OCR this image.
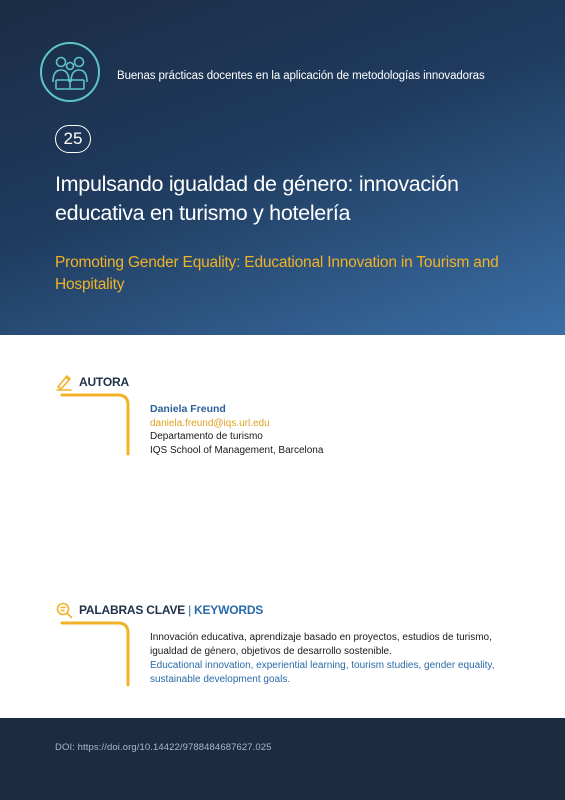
Buenas prácticas docentes en la aplicación de metodologías innovadoras
25
Impulsando igualdad de género: innovación educativa en turismo y hotelería
Promoting Gender Equality: Educational Innovation in Tourism and Hospitality
AUTORA
Daniela Freund
daniela.freund@iqs.url.edu
Departamento de turismo
IQS School of Management, Barcelona
PALABRAS CLAVE | KEYWORDS
Innovación educativa, aprendizaje basado en proyectos, estudios de turismo, igualdad de género, objetivos de desarrollo sostenible.
Educational innovation, experiential learning, tourism studies, gender equality, sustainable development goals.
DOI: https://doi.org/10.14422/9788484687627.025
